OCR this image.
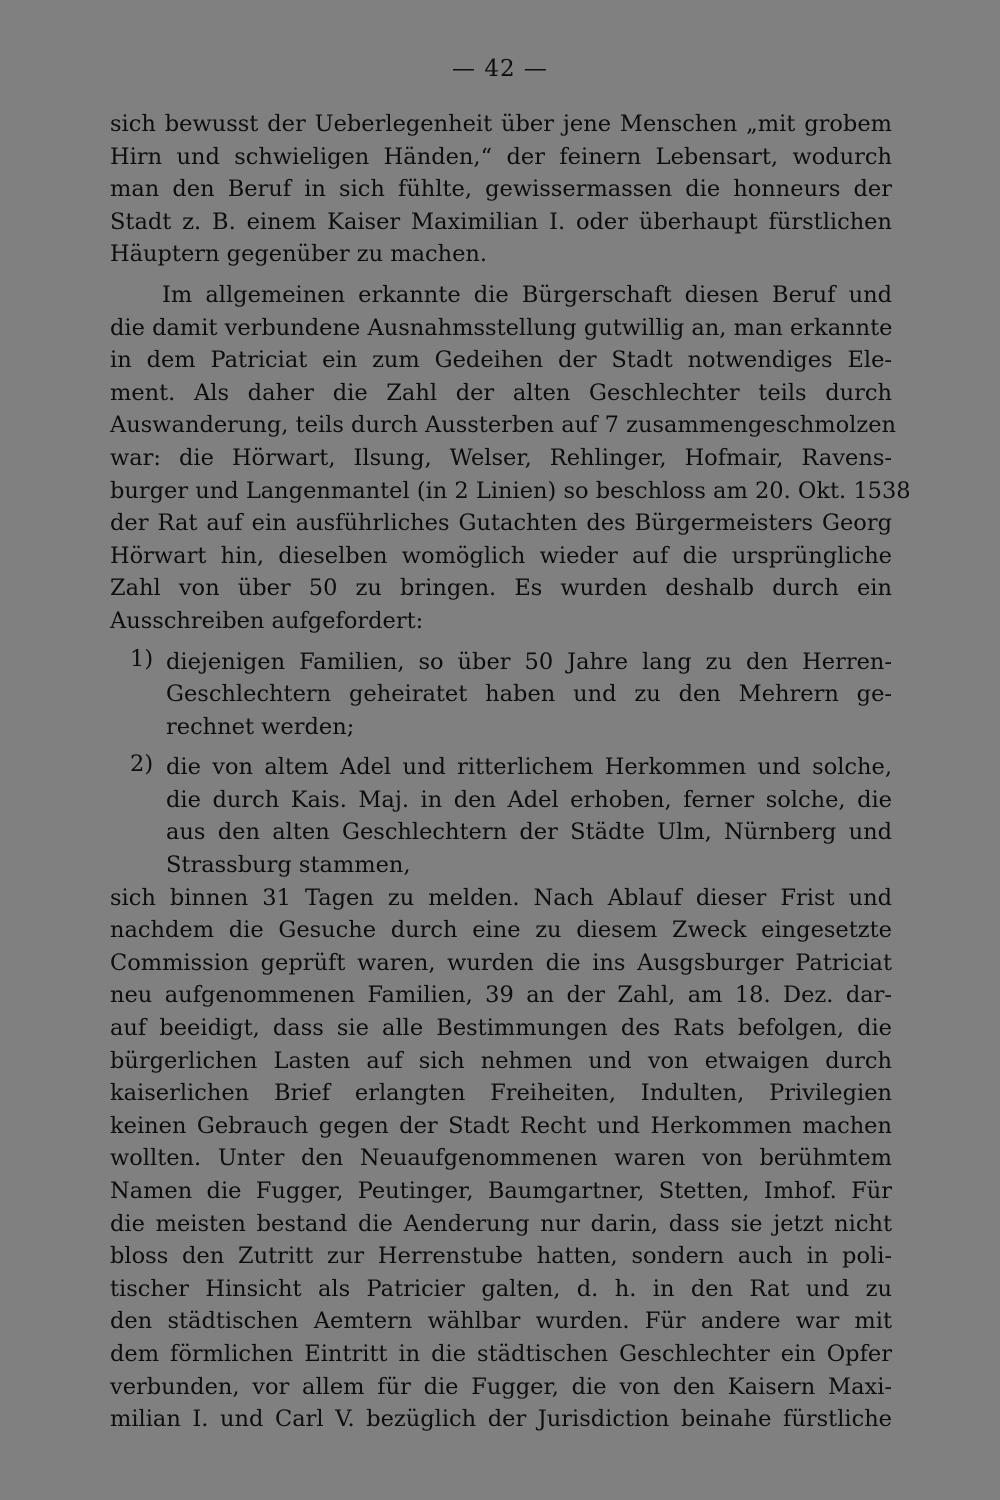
— 42 —
sich bewusst der Ueberlegenheit über jene Menschen „mit grobem
Hirn und schwieligen Händen,“ der feinern Lebensart, wodurch
man den Beruf in sich fühlte, gewissermassen die honneurs der
Stadt z. B. einem Kaiser Maximilian I. oder überhaupt fürstlichen
Häuptern gegenüber zu machen.
Im allgemeinen erkannte die Bürgerschaft diesen Beruf und
die damit verbundene Ausnahmsstellung gutwillig an, man erkannte
in dem Patriciat ein zum Gedeihen der Stadt notwendiges Ele-
ment. Als daher die Zahl der alten Geschlechter teils durch
Auswanderung, teils durch Aussterben auf 7 zusammengeschmolzen
war: die Hörwart, Ilsung, Welser, Rehlinger, Hofmair, Ravens-
burger und Langenmantel (in 2 Linien) so beschloss am 20. Okt. 1538
der Rat auf ein ausführliches Gutachten des Bürgermeisters Georg
Hörwart hin, dieselben womöglich wieder auf die ursprüngliche
Zahl von über 50 zu bringen. Es wurden deshalb durch ein
Ausschreiben aufgefordert:
1) diejenigen Familien, so über 50 Jahre lang zu den Herren-
Geschlechtern geheiratet haben und zu den Mehrern ge-
rechnet werden;
2) die von altem Adel und ritterlichem Herkommen und solche,
die durch Kais. Maj. in den Adel erhoben, ferner solche, die
aus den alten Geschlechtern der Städte Ulm, Nürnberg und
Strassburg stammen,
sich binnen 31 Tagen zu melden. Nach Ablauf dieser Frist und
nachdem die Gesuche durch eine zu diesem Zweck eingesetzte
Commission geprüft waren, wurden die ins Ausgsburger Patriciat
neu aufgenommenen Familien, 39 an der Zahl, am 18. Dez. dar-
auf beeidigt, dass sie alle Bestimmungen des Rats befolgen, die
bürgerlichen Lasten auf sich nehmen und von etwaigen durch
kaiserlichen Brief erlangten Freiheiten, Indulten, Privilegien
keinen Gebrauch gegen der Stadt Recht und Herkommen machen
wollten. Unter den Neuaufgenommenen waren von berühmtem
Namen die Fugger, Peutinger, Baumgartner, Stetten, Imhof. Für
die meisten bestand die Aenderung nur darin, dass sie jetzt nicht
bloss den Zutritt zur Herrenstube hatten, sondern auch in poli-
tischer Hinsicht als Patricier galten, d. h. in den Rat und zu
den städtischen Aemtern wählbar wurden. Für andere war mit
dem förmlichen Eintritt in die städtischen Geschlechter ein Opfer
verbunden, vor allem für die Fugger, die von den Kaisern Maxi-
milian I. und Carl V. bezüglich der Jurisdiction beinahe fürstliche
